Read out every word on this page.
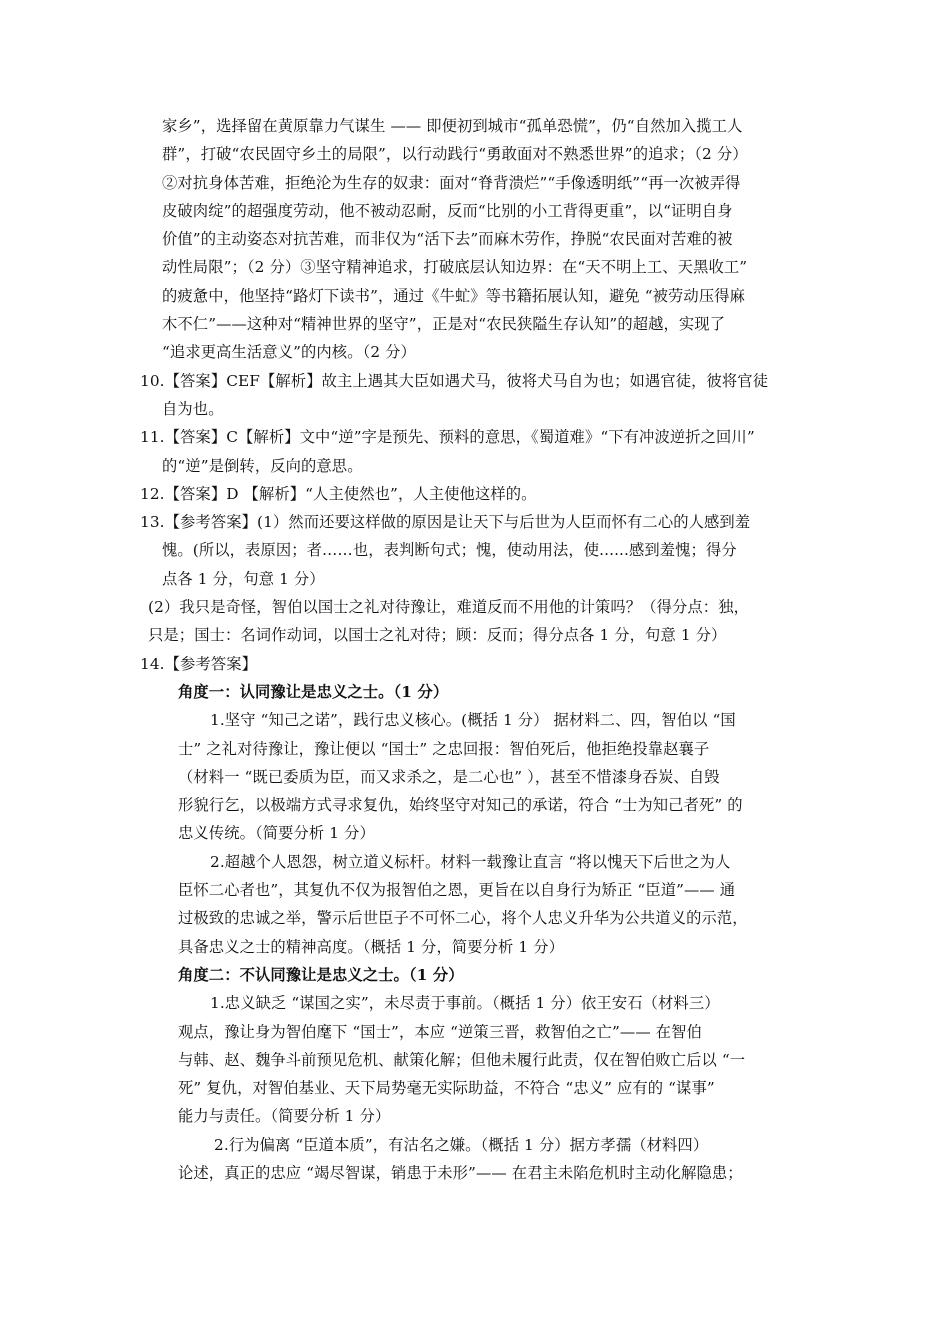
家乡”，选择留在黄原靠力气谋生 —— 即便初到城市“孤单恐慌”，仍“自然加入揽工人
群”，打破“农民固守乡土的局限”，以行动践行“勇敢面对不熟悉世界”的追求；（2 分）
②对抗身体苦难，拒绝沦为生存的奴隶：面对“脊背溃烂”“手像透明纸”“再一次被弄得
皮破肉绽”的超强度劳动，他不被动忍耐，反而“比别的小工背得更重”，以“证明自身
价值”的主动姿态对抗苦难，而非仅为“活下去”而麻木劳作，挣脱“农民面对苦难的被
动性局限”；（2 分）③坚守精神追求，打破底层认知边界：在“天不明上工、天黑收工”
的疲惫中，他坚持“路灯下读书”，通过《牛虻》等书籍拓展认知，避免 “被劳动压得麻
木不仁”——这种对“精神世界的坚守”，正是对“农民狭隘生存认知”的超越，实现了
“追求更高生活意义”的内核。（2 分）
10.【答案】CEF【解析】故主上遇其大臣如遇犬马，彼将犬马自为也；如遇官徒，彼将官徒
自为也。
11.【答案】C【解析】文中“逆”字是预先、预料的意思，《蜀道难》“下有冲波逆折之回川”
的“逆”是倒转，反向的意思。
12.【答案】D 【解析】“人主使然也”，人主使他这样的。
13.【参考答案】(1）然而还要这样做的原因是让天下与后世为人臣而怀有二心的人感到羞
愧。(所以，表原因；者……也，表判断句式；愧，使动用法，使......感到羞愧；得分
点各 1 分，句意 1 分）
(2）我只是奇怪，智伯以国士之礼对待豫让，难道反而不用他的计策吗？（得分点：独，
只是；国士：名词作动词，以国士之礼对待；顾：反而；得分点各 1 分，句意 1 分）
14.【参考答案】
角度一：认同豫让是忠义之士。（1 分）
1.坚守 “知己之诺”，践行忠义核心。(概括 1 分） 据材料二、四，智伯以 “国
士” 之礼对待豫让，豫让便以 “国士” 之忠回报：智伯死后，他拒绝投靠赵襄子
（材料一 “既已委质为臣，而又求杀之，是二心也” ），甚至不惜漆身吞炭、自毁
形貌行乞，以极端方式寻求复仇，始终坚守对知己的承诺，符合 “士为知己者死” 的
忠义传统。（简要分析 1 分）
2.超越个人恩怨，树立道义标杆。材料一载豫让直言 “将以愧天下后世之为人
臣怀二心者也”，其复仇不仅为报智伯之恩，更旨在以自身行为矫正 “臣道”—— 通
过极致的忠诚之举，警示后世臣子不可怀二心，将个人忠义升华为公共道义的示范，
具备忠义之士的精神高度。（概括 1 分，简要分析 1 分）
角度二：不认同豫让是忠义之士。（1 分）
1.忠义缺乏 “谋国之实”，未尽责于事前。（概括 1 分）依王安石（材料三）
观点，豫让身为智伯麾下 “国士”，本应 “逆策三晋，救智伯之亡”—— 在智伯
与韩、赵、魏争斗前预见危机、献策化解；但他未履行此责，仅在智伯败亡后以 “一
死” 复仇，对智伯基业、天下局势毫无实际助益，不符合 “忠义” 应有的 “谋事”
能力与责任。（简要分析 1 分）
2.行为偏离 “臣道本质”，有沽名之嫌。（概括 1 分）据方孝孺（材料四）
论述，真正的忠应 “竭尽智谋，销患于未形”—— 在君主未陷危机时主动化解隐患；
